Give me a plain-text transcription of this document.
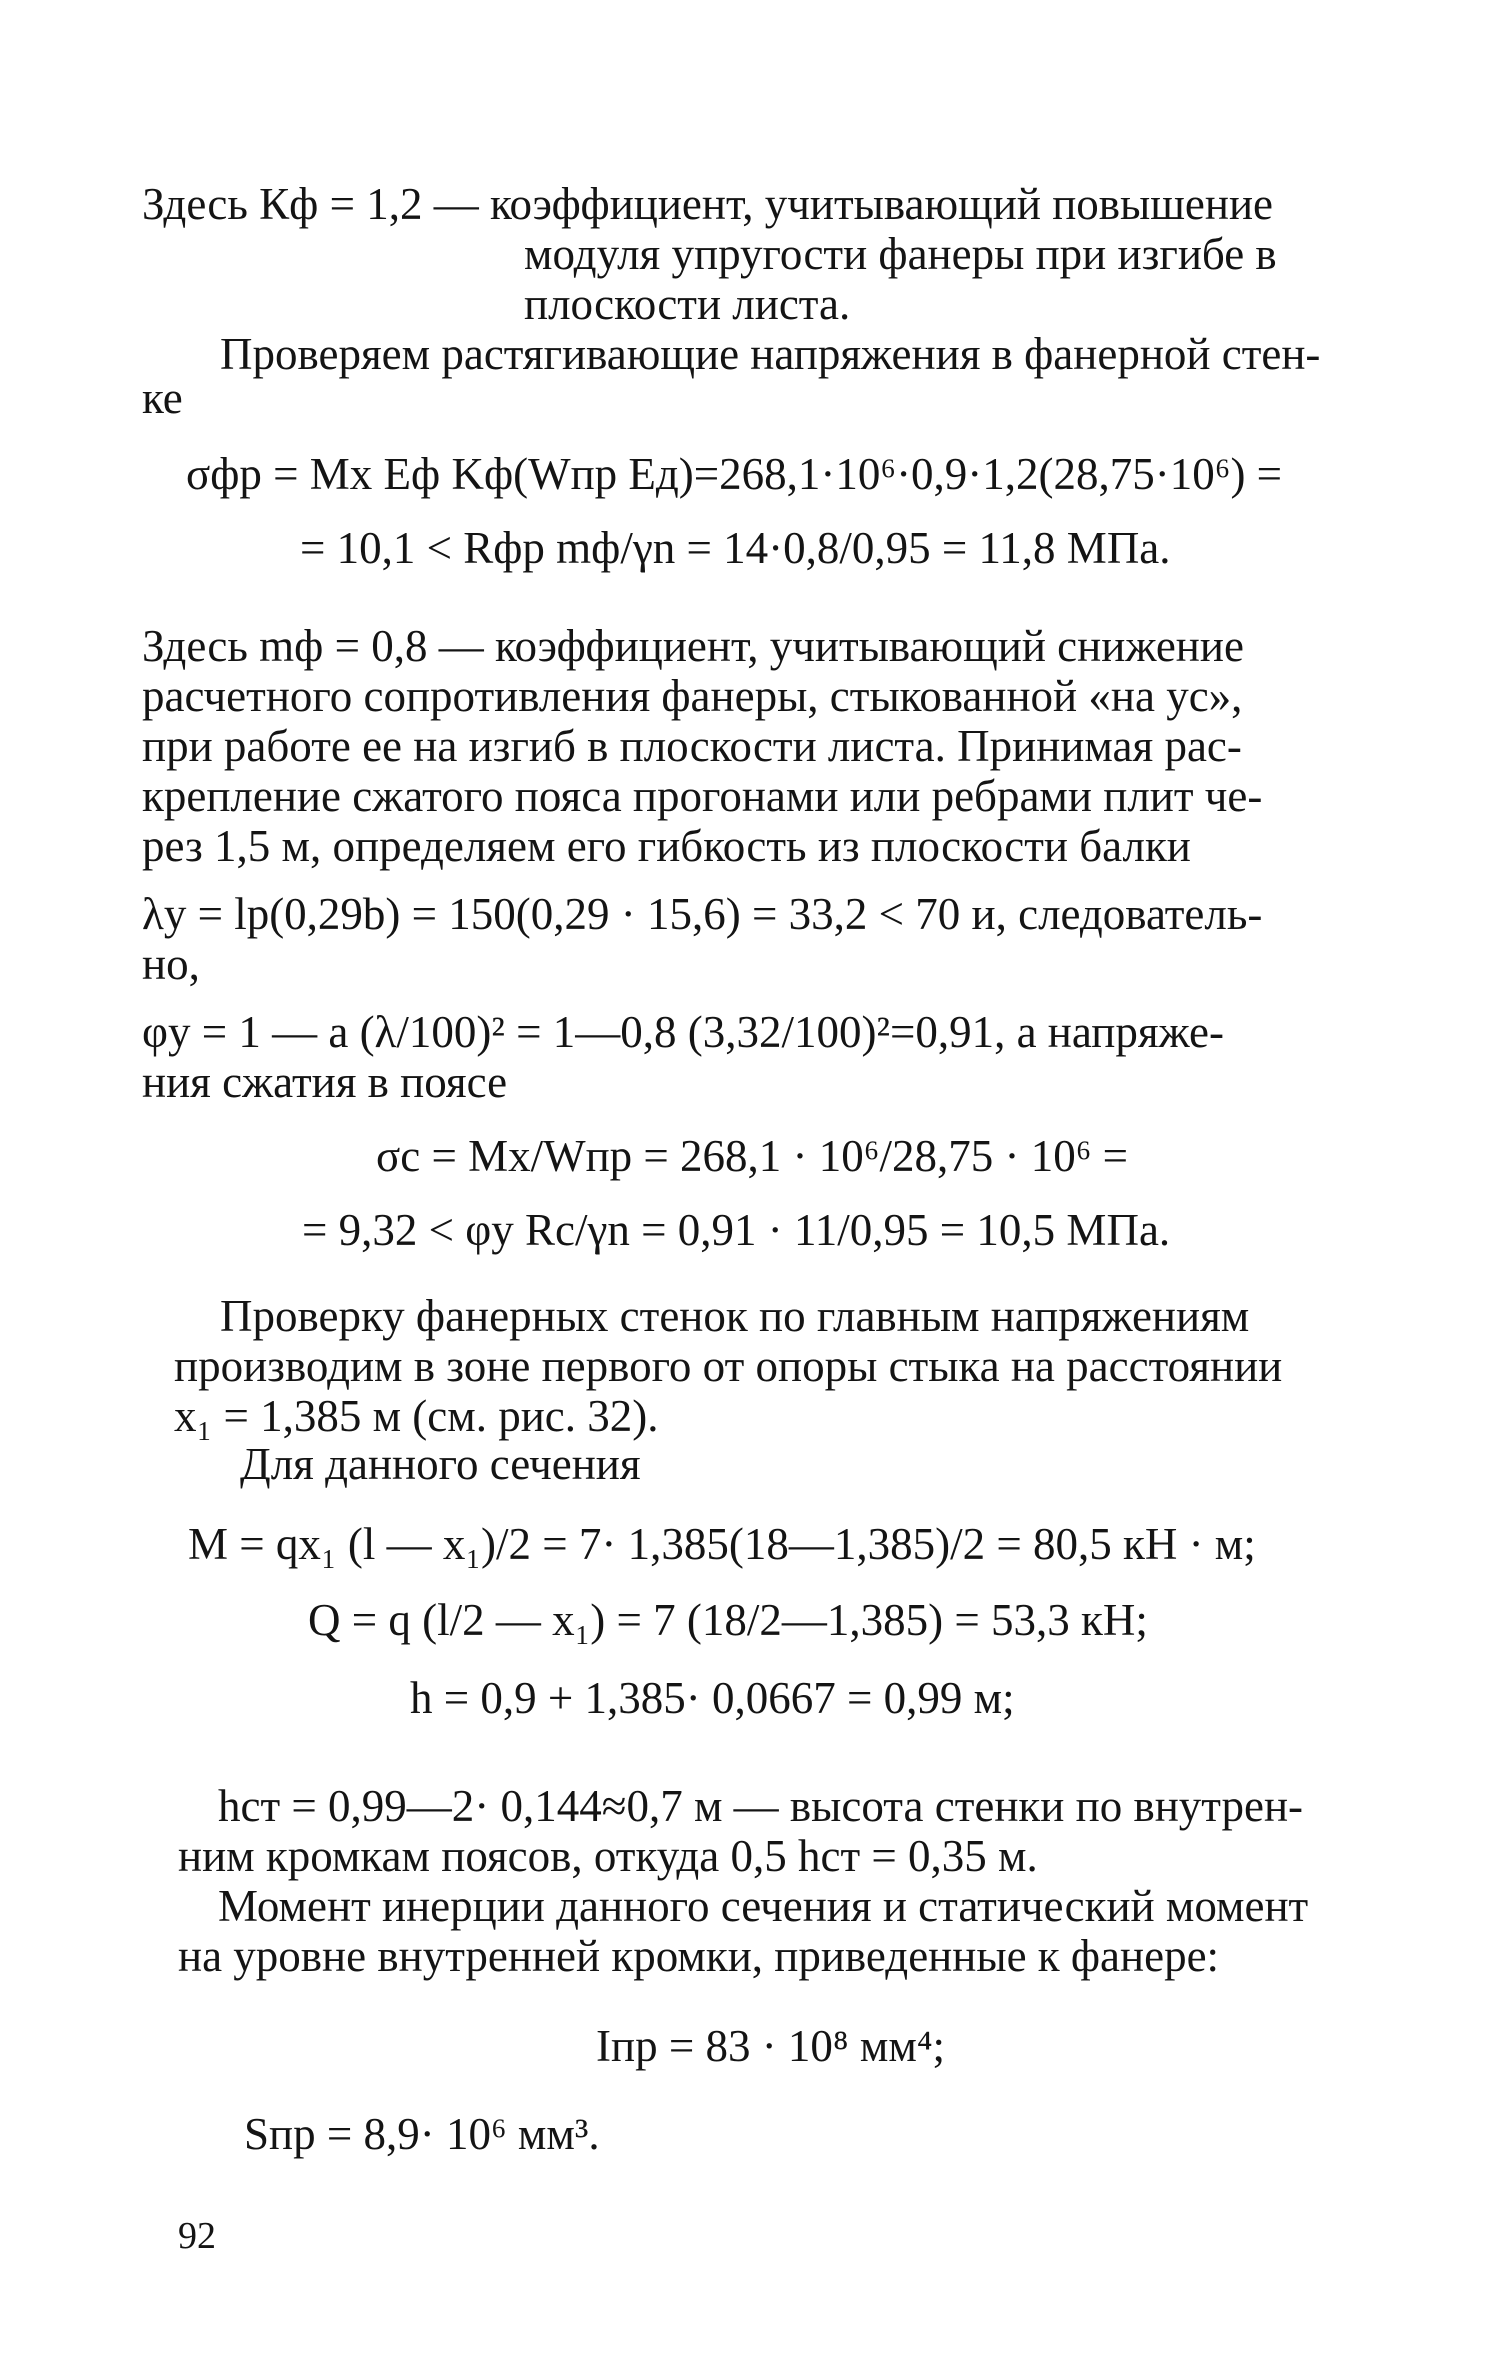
Здесь Кф = 1,2 — коэффициент, учитывающий повышение
модуля упругости фанеры при изгибе в
плоскости листа.
Проверяем растягивающие напряжения в фанерной стен-
ке
σфр = Mx Eф Kф(Wпр Eд)=268,1·10⁶·0,9·1,2(28,75·10⁶) =
= 10,1 < Rфр mф/γn = 14·0,8/0,95 = 11,8 МПа.
Здесь mф = 0,8 — коэффициент, учитывающий снижение
расчетного сопротивления фанеры, стыкованной «на ус»,
при работе ее на изгиб в плоскости листа. Принимая рас-
крепление сжатого пояса прогонами или ребрами плит че-
рез 1,5 м, определяем его гибкость из плоскости балки
λy = lp(0,29b) = 150(0,29 · 15,6) = 33,2 < 70 и, следователь-
но,
φy = 1 — a (λ/100)² = 1—0,8 (3,32/100)²=0,91, а напряже-
ния сжатия в поясе
σc = Mx/Wпр = 268,1 · 10⁶/28,75 · 10⁶ =
= 9,32 < φy Rc/γn = 0,91 · 11/0,95 = 10,5 МПа.
Проверку фанерных стенок по главным напряжениям
производим в зоне первого от опоры стыка на расстоянии
x₁ = 1,385 м (см. рис. 32).
Для данного сечения
M = qx₁ (l — x₁)/2 = 7· 1,385(18—1,385)/2 = 80,5 кН · м;
Q = q (l/2 — x₁) = 7 (18/2—1,385) = 53,3 кН;
h = 0,9 + 1,385· 0,0667 = 0,99 м;
hст = 0,99—2· 0,144≈0,7 м — высота стенки по внутрен-
ним кромкам поясов, откуда 0,5 hст = 0,35 м.
Момент инерции данного сечения и статический момент
на уровне внутренней кромки, приведенные к фанере:
Iпр = 83 · 10⁸ мм⁴;
Sпр = 8,9· 10⁶ мм³.
92
